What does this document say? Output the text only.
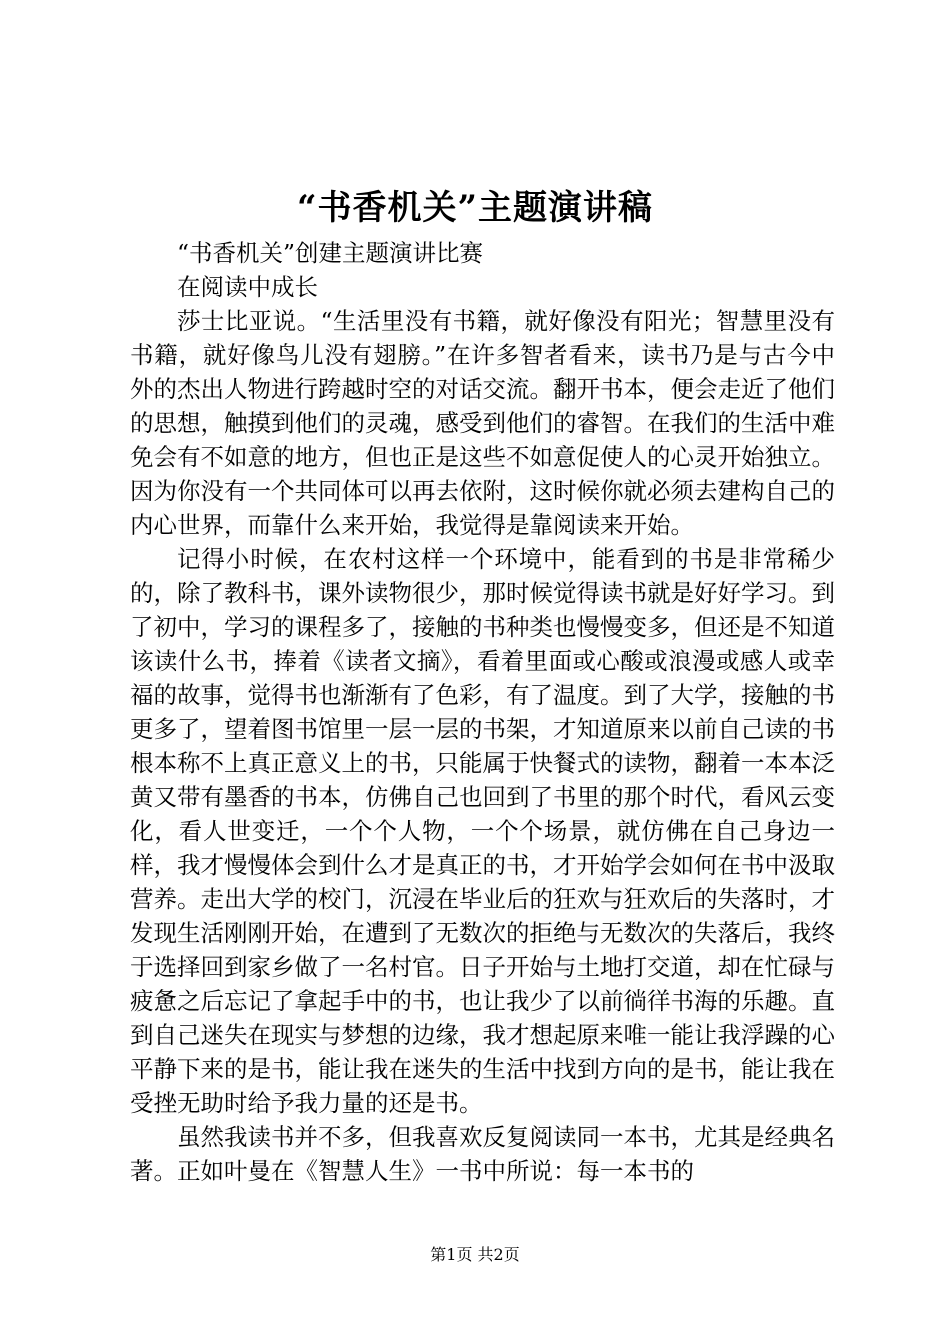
“书香机关”主题演讲稿

“书香机关”创建主题演讲比赛

在阅读中成长

莎士比亚说。“生活里没有书籍，就好像没有阳光；智慧里没有书籍，就好像鸟儿没有翅膀。”在许多智者看来，读书乃是与古今中外的杰出人物进行跨越时空的对话交流。翻开书本，便会走近了他们的思想，触摸到他们的灵魂，感受到他们的睿智。在我们的生活中难免会有不如意的地方，但也正是这些不如意促使人的心灵开始独立。因为你没有一个共同体可以再去依附，这时候你就必须去建构自己的内心世界，而靠什么来开始，我觉得是靠阅读来开始。

记得小时候，在农村这样一个环境中，能看到的书是非常稀少的，除了教科书，课外读物很少，那时候觉得读书就是好好学习。到了初中，学习的课程多了，接触的书种类也慢慢变多，但还是不知道该读什么书，捧着《读者文摘》，看着里面或心酸或浪漫或感人或幸福的故事，觉得书也渐渐有了色彩，有了温度。到了大学，接触的书更多了，望着图书馆里一层一层的书架，才知道原来以前自己读的书根本称不上真正意义上的书，只能属于快餐式的读物，翻着一本本泛黄又带有墨香的书本，仿佛自己也回到了书里的那个时代，看风云变化，看人世变迁，一个个人物，一个个场景，就仿佛在自己身边一样，我才慢慢体会到什么才是真正的书，才开始学会如何在书中汲取营养。走出大学的校门，沉浸在毕业后的狂欢与狂欢后的失落时，才发现生活刚刚开始，在遭到了无数次的拒绝与无数次的失落后，我终于选择回到家乡做了一名村官。日子开始与土地打交道，却在忙碌与疲惫之后忘记了拿起手中的书，也让我少了以前徜徉书海的乐趣。直到自己迷失在现实与梦想的边缘，我才想起原来唯一能让我浮躁的心平静下来的是书，能让我在迷失的生活中找到方向的是书，能让我在受挫无助时给予我力量的还是书。

虽然我读书并不多，但我喜欢反复阅读同一本书，尤其是经典名著。正如叶曼在《智慧人生》一书中所说：每一本书的

第1页 共2页
